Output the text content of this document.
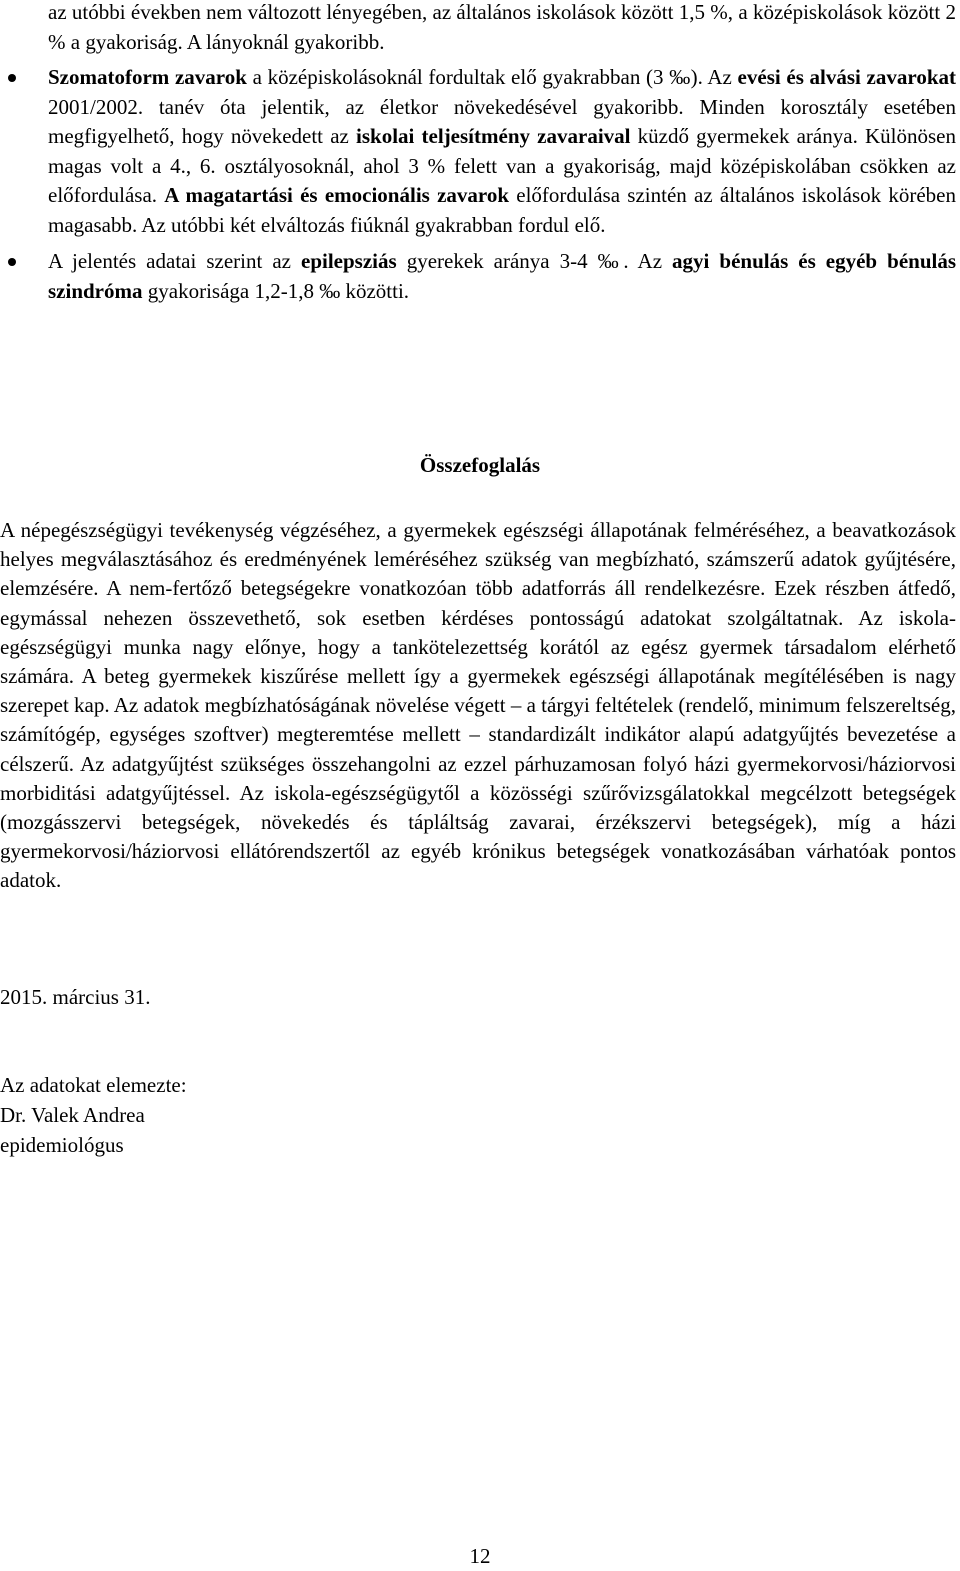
az utóbbi években nem változott lényegében, az általános iskolások között 1,5 %, a középiskolások között 2 % a gyakoriság. A lányoknál gyakoribb.
Szomatoform zavarok a középiskolásoknál fordultak elő gyakrabban (3 ‰). Az evési és alvási zavarokat 2001/2002. tanév óta jelentik, az életkor növekedésével gyakoribb. Minden korosztály esetében megfigyelhető, hogy növekedett az iskolai teljesítmény zavaraival küzdő gyermekek aránya. Különösen magas volt a 4., 6. osztályosoknál, ahol 3 % felett van a gyakoriság, majd középiskolában csökken az előfordulása. A magatartási és emocionális zavarok előfordulása szintén az általános iskolások körében magasabb. Az utóbbi két elváltozás fiúknál gyakrabban fordul elő.
A jelentés adatai szerint az epilepsziás gyerekek aránya 3-4 ‰. Az agyi bénulás és egyéb bénulás szindróma gyakorisága 1,2-1,8 ‰ közötti.
Összefoglalás
A népegészségügyi tevékenység végzéséhez, a gyermekek egészségi állapotának felméréséhez, a beavatkozások helyes megválasztásához és eredményének leméréséhez szükség van megbízható, számszerű adatok gyűjtésére, elemzésére. A nem-fertőző betegségekre vonatkozóan több adatforrás áll rendelkezésre. Ezek részben átfedő, egymással nehezen összevethető, sok esetben kérdéses pontosságú adatokat szolgáltatnak. Az iskola-egészségügyi munka nagy előnye, hogy a tankötelezettség korától az egész gyermek társadalom elérhető számára. A beteg gyermekek kiszűrése mellett így a gyermekek egészségi állapotának megítélésében is nagy szerepet kap. Az adatok megbízhatóságának növelése végett – a tárgyi feltételek (rendelő, minimum felszereltség, számítógép, egységes szoftver) megteremtése mellett – standardizált indikátor alapú adatgyűjtés bevezetése a célszerű. Az adatgyűjtést szükséges összehangolni az ezzel párhuzamosan folyó házi gyermekorvosi/háziorvosi morbiditási adatgyűjtéssel. Az iskola-egészségügytől a közösségi szűrővizsgálatokkal megcélzott betegségek (mozgásszervi betegségek, növekedés és tápláltság zavarai, érzékszervi betegségek), míg a házi gyermekorvosi/háziorvosi ellátórendszertől az egyéb krónikus betegségek vonatkozásában várhatóak pontos adatok.
2015. március 31.
Az adatokat elemezte:
Dr. Valek Andrea
epidemiológus
12
